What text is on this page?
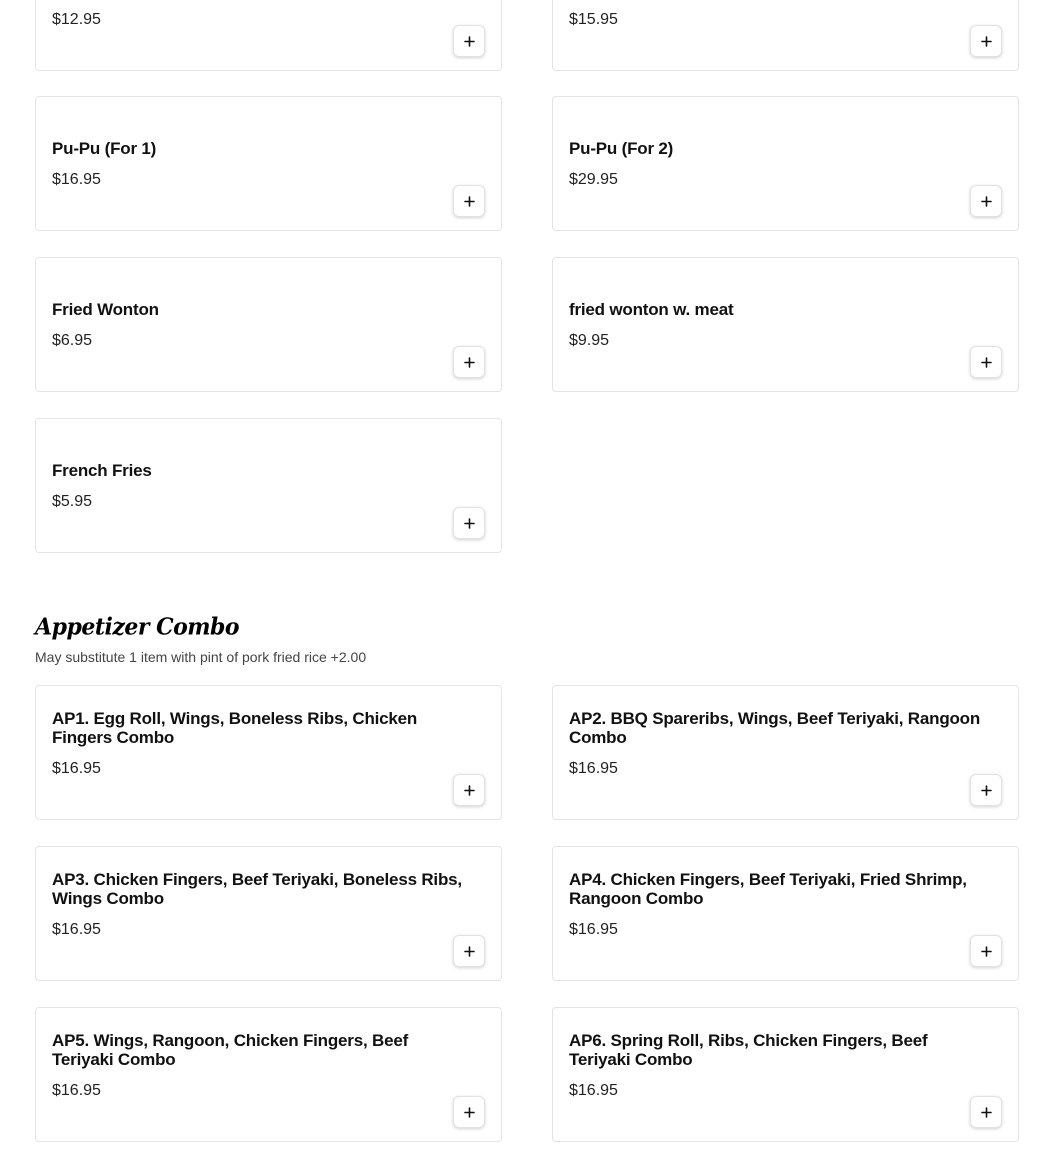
$12.95	$15.95
Pu-Pu (For 1)
$16.95
Pu-Pu (For 2)
$29.95
Fried Wonton
$6.95
fried wonton w. meat
$9.95
French Fries
$5.95
Appetizer Combo
May substitute 1 item with pint of pork fried rice +2.00
AP1. Egg Roll, Wings, Boneless Ribs, Chicken Fingers Combo
$16.95
AP2. BBQ Spareribs, Wings, Beef Teriyaki, Rangoon Combo
$16.95
AP3. Chicken Fingers, Beef Teriyaki, Boneless Ribs, Wings Combo
$16.95
AP4. Chicken Fingers, Beef Teriyaki, Fried Shrimp, Rangoon Combo
$16.95
AP5. Wings, Rangoon, Chicken Fingers, Beef Teriyaki Combo
$16.95
AP6. Spring Roll, Ribs, Chicken Fingers, Beef Teriyaki Combo
$16.95
